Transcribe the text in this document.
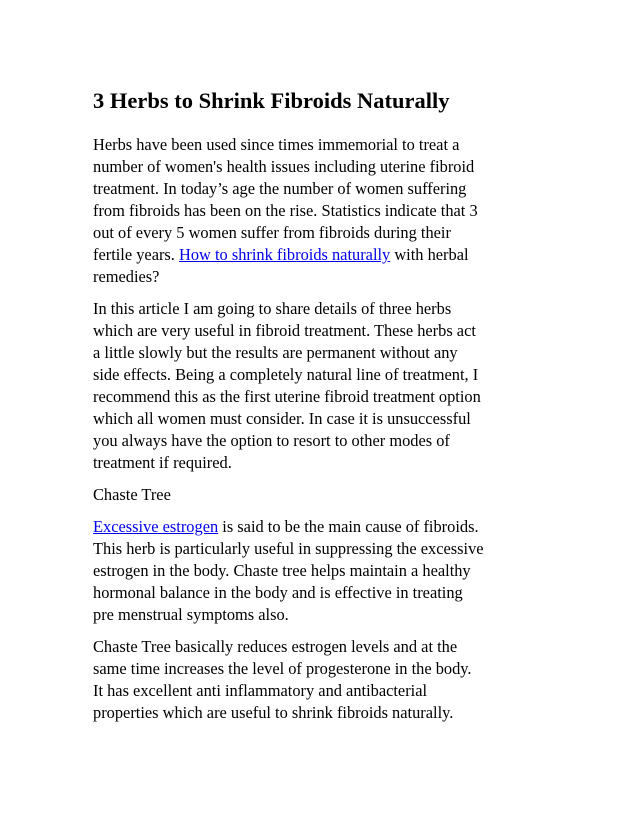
3 Herbs to Shrink Fibroids Naturally

Herbs have been used since times immemorial to treat a
number of women's health issues including uterine fibroid
treatment. In today’s age the number of women suffering
from fibroids has been on the rise. Statistics indicate that 3
out of every 5 women suffer from fibroids during their
fertile years. How to shrink fibroids naturally with herbal
remedies?

In this article I am going to share details of three herbs
which are very useful in fibroid treatment. These herbs act
a little slowly but the results are permanent without any
side effects. Being a completely natural line of treatment, I
recommend this as the first uterine fibroid treatment option
which all women must consider. In case it is unsuccessful
you always have the option to resort to other modes of
treatment if required.

Chaste Tree

Excessive estrogen is said to be the main cause of fibroids.
This herb is particularly useful in suppressing the excessive
estrogen in the body. Chaste tree helps maintain a healthy
hormonal balance in the body and is effective in treating
pre menstrual symptoms also.

Chaste Tree basically reduces estrogen levels and at the
same time increases the level of progesterone in the body.
It has excellent anti inflammatory and antibacterial
properties which are useful to shrink fibroids naturally.
